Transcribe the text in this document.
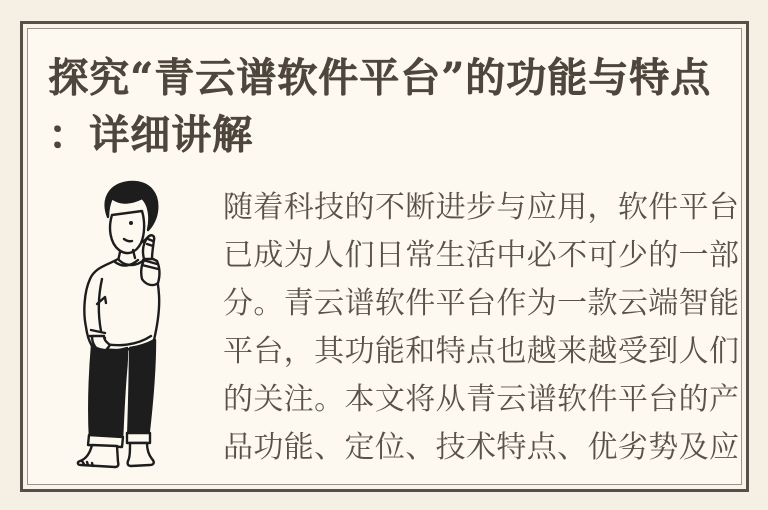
探究“青云谱软件平台”的功能与特点
：详细讲解

随着科技的不断进步与应用，软件平台

已成为人们日常生活中必不可少的一部

分。青云谱软件平台作为一款云端智能

平台，其功能和特点也越来越受到人们

的关注。本文将从青云谱软件平台的产

品功能、定位、技术特点、优劣势及应
